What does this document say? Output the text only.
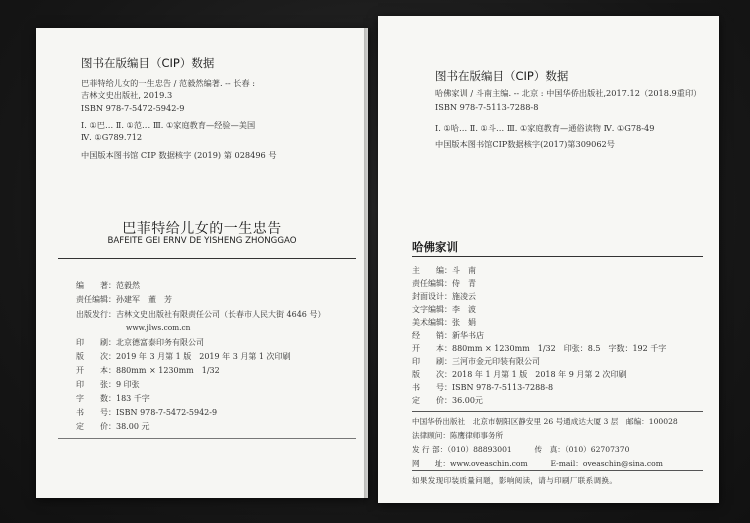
图书在版编目（CIP）数据
巴菲特给儿女的一生忠告 / 范毅然编著. -- 长春 :
吉林文史出版社, 2019.3
ISBN 978-7-5472-5942-9
Ⅰ. ①巴… Ⅱ. ①范… Ⅲ. ①家庭教育—经验—美国
Ⅳ. ①G789.712
中国版本图书馆 CIP 数据核字 (2019) 第 028496 号
巴菲特给儿女的一生忠告
BAFEITE GEI ERNV DE YISHENG ZHONGGAO
编　　著：范毅然
责任编辑：孙建军　董　芳
出版发行：吉林文史出版社有限责任公司（长春市人民大街 4646 号）
www.jlws.com.cn
印　　刷：北京德富泰印务有限公司
版　　次：2019 年 3 月第 1 版　2019 年 3 月第 1 次印刷
开　　本：880mm × 1230mm　1/32
印　　张：9 印张
字　　数：183 千字
书　　号：ISBN 978-7-5472-5942-9
定　　价：38.00 元
图书在版编目（CIP）数据
哈佛家训 / 斗南主编. -- 北京 : 中国华侨出版社,2017.12（2018.9重印）
ISBN 978-7-5113-7288-8
Ⅰ. ①哈… Ⅱ. ①斗… Ⅲ. ①家庭教育—通俗读物 Ⅳ. ①G78-49
中国版本图书馆CIP数据核字(2017)第309062号
哈佛家训
主　　编：斗　南
责任编辑：侍　青
封面设计：施凌云
文字编辑：李　波
美术编辑：张　娟
经　　销：新华书店
开　　本：880mm × 1230mm　1/32　印张：8.5　字数：192 千字
印　　刷：三河市金元印装有限公司
版　　次：2018 年 1 月第 1 版　2018 年 9 月第 2 次印刷
书　　号：ISBN 978-7-5113-7288-8
定　　价：36.00元
中国华侨出版社　北京市朝阳区静安里 26 号通成达大厦 3 层　邮编：100028
法律顾问：陈鹰律师事务所
发 行 部：（010）88893001　　　传　真：（010）62707370
网　　址：www.oveaschin.com　　　E-mail：oveaschin@sina.com
如果发现印装质量问题，影响阅读，请与印刷厂联系调换。
